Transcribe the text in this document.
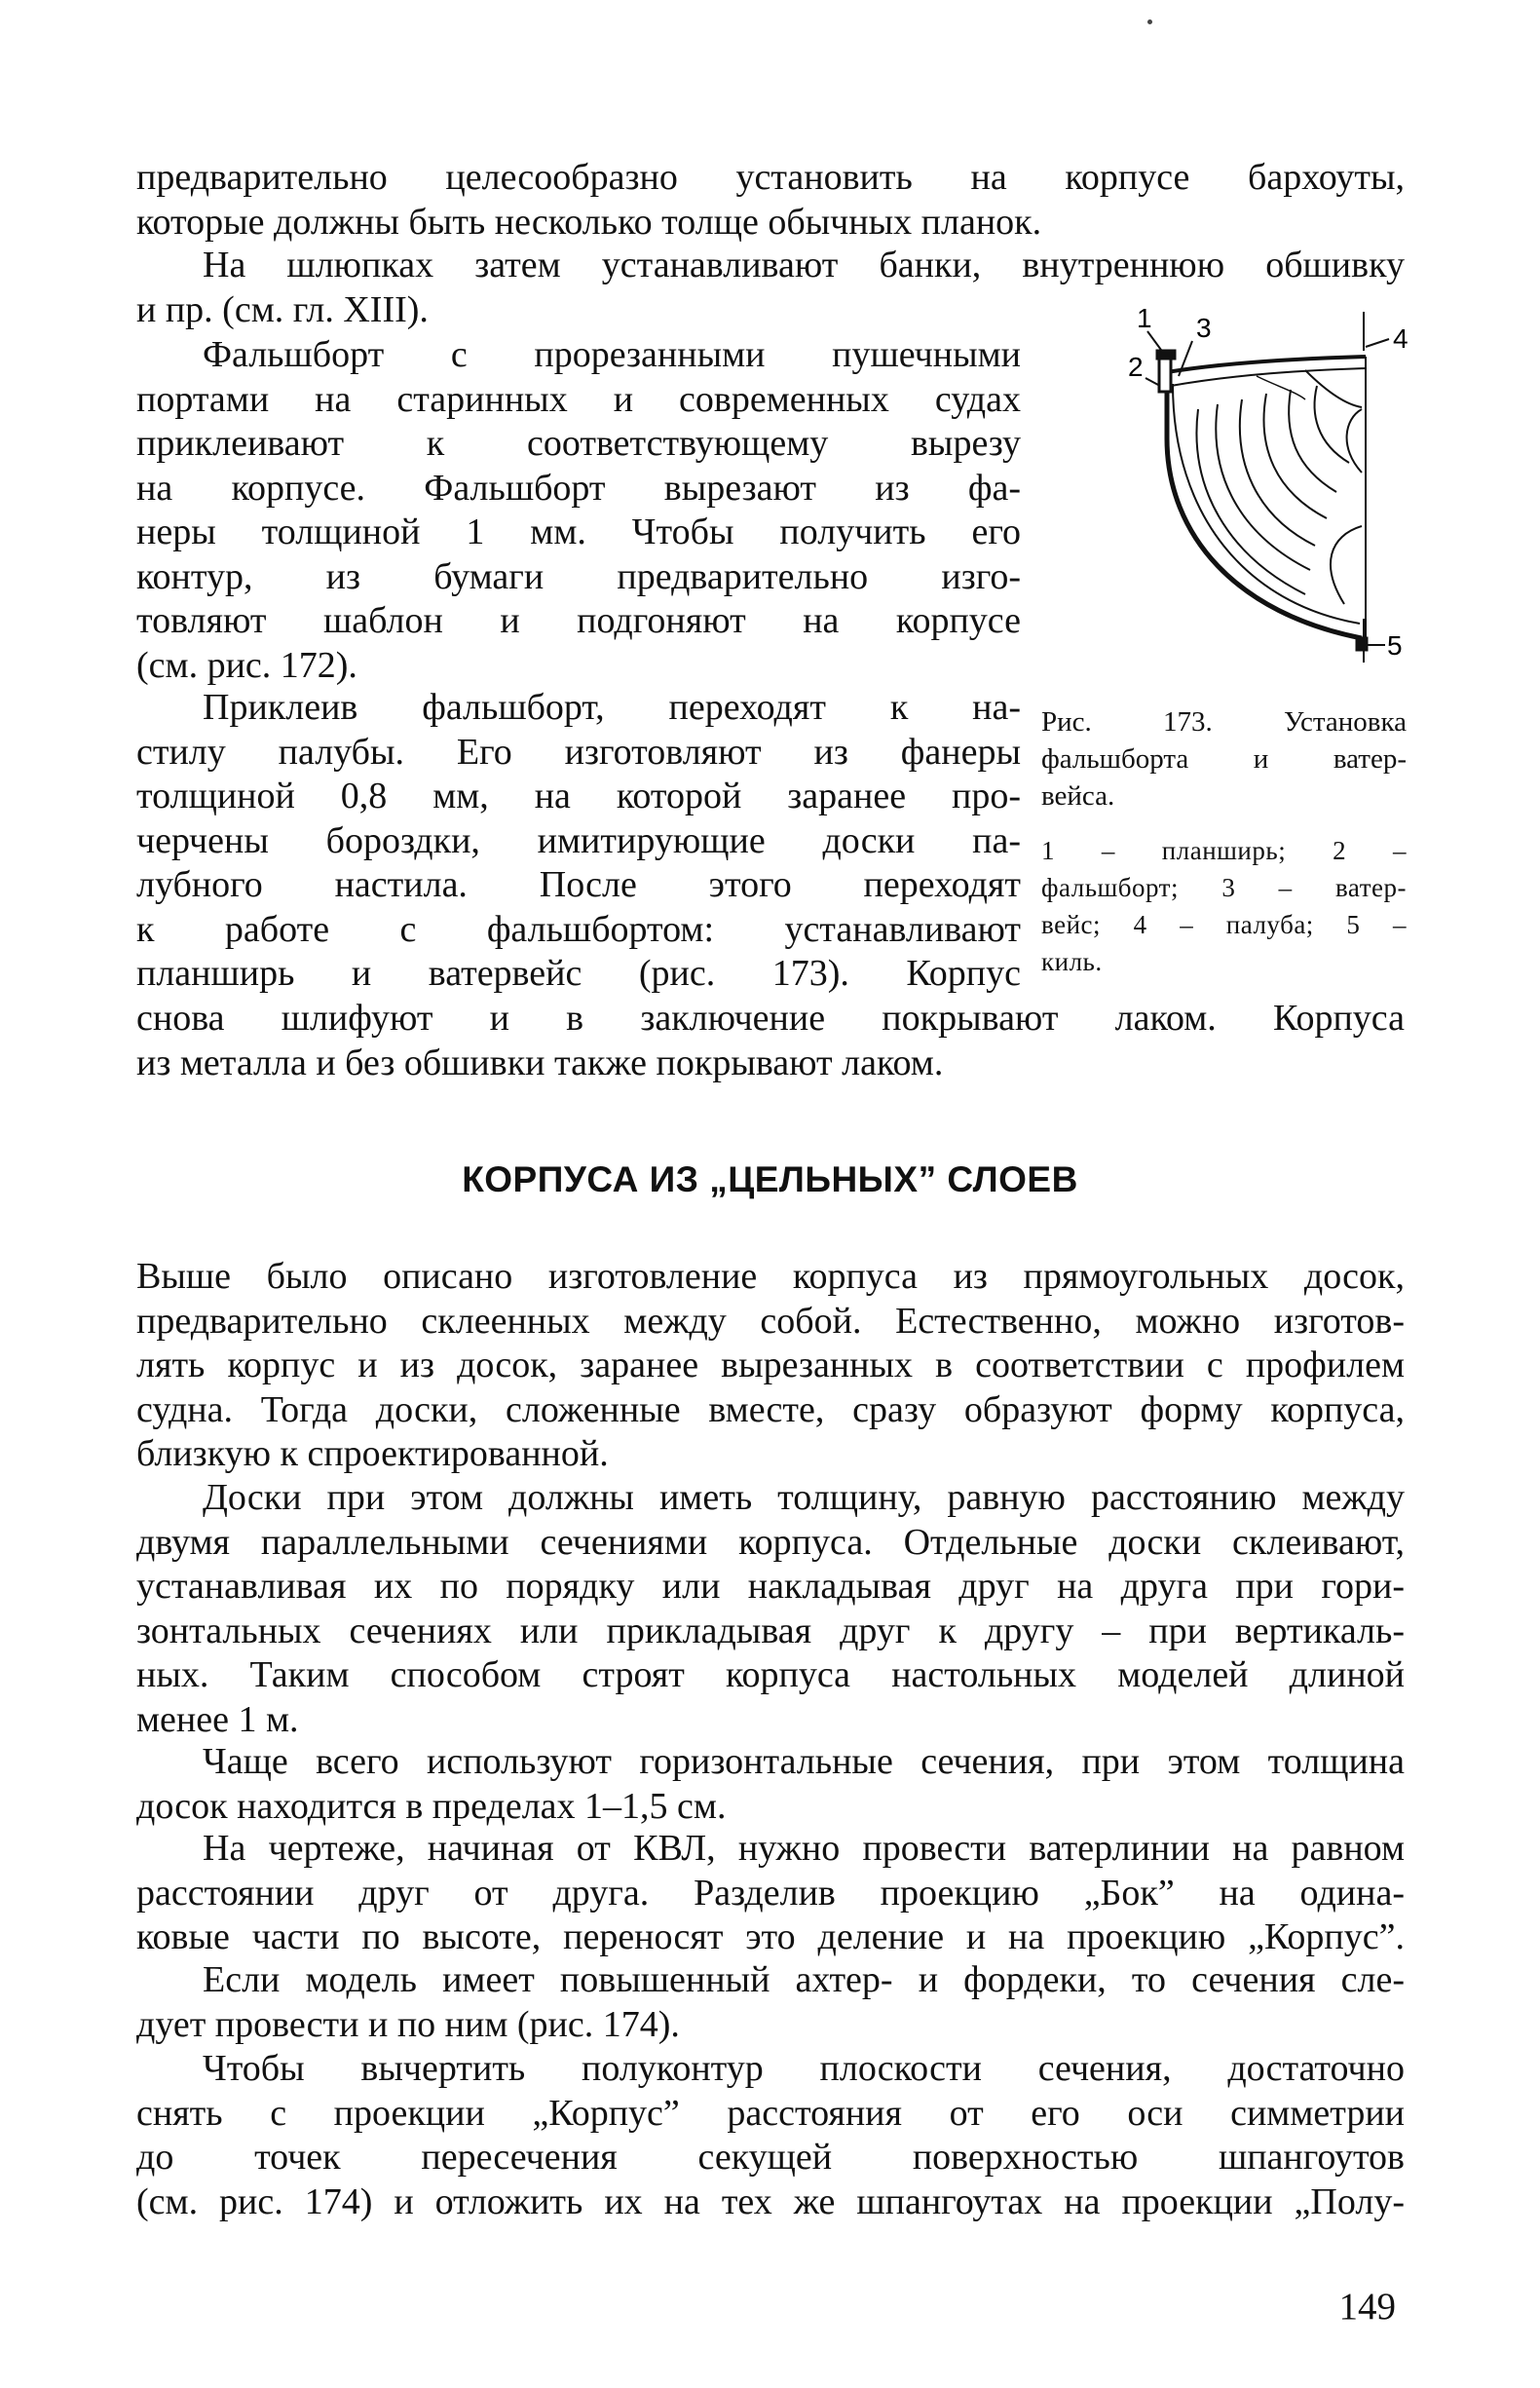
предварительно целесообразно установить на корпусе бархоуты,
которые должны быть несколько толще обычных планок.
На шлюпках затем устанавливают банки, внутреннюю обшивку
и пр. (см. гл. XIII).
Фальшборт с прорезанными пушечными
портами на старинных и современных судах
приклеивают к соответствующему вырезу
на корпусе. Фальшборт вырезают из фа-
неры толщиной 1 мм. Чтобы получить его
контур, из бумаги предварительно изго-
товляют шаблон и подгоняют на корпусе
(см. рис. 172).
Приклеив фальшборт, переходят к на-
стилу палубы. Его изготовляют из фанеры
толщиной 0,8 мм, на которой заранее про-
черчены бороздки, имитирующие доски па-
лубного настила. После этого переходят
к работе с фальшбортом: устанавливают
планширь и ватервейс (рис. 173). Корпус
снова шлифуют и в заключение покрывают лаком. Корпуса
из металла и без обшивки также покрывают лаком.
1 3
2
4
5
Рис. 173. Установка
фальшборта и ватер-
вейса.
1 – планширь; 2 –
фальшборт; 3 – ватер-
вейс; 4 – палуба; 5 –
киль.
КОРПУСА ИЗ „ЦЕЛЬНЫХ” СЛОЕВ
Выше было описано изготовление корпуса из прямоугольных досок,
предварительно склеенных между собой. Естественно, можно изготов-
лять корпус и из досок, заранее вырезанных в соответствии с профилем
судна. Тогда доски, сложенные вместе, сразу образуют форму корпуса,
близкую к спроектированной.
Доски при этом должны иметь толщину, равную расстоянию между
двумя параллельными сечениями корпуса. Отдельные доски склеивают,
устанавливая их по порядку или накладывая друг на друга при гори-
зонтальных сечениях или прикладывая друг к другу – при вертикаль-
ных. Таким способом строят корпуса настольных моделей длиной
менее 1 м.
Чаще всего используют горизонтальные сечения, при этом толщина
досок находится в пределах 1–1,5 см.
На чертеже, начиная от КВЛ, нужно провести ватерлинии на равном
расстоянии друг от друга. Разделив проекцию „Бок” на одина-
ковые части по высоте, переносят это деление и на проекцию „Корпус”.
Если модель имеет повышенный ахтер- и фордеки, то сечения сле-
дует провести и по ним (рис. 174).
Чтобы вычертить полуконтур плоскости сечения, достаточно
снять с проекции „Корпус” расстояния от его оси симметрии
до точек пересечения секущей поверхностью шпангоутов
(см. рис. 174) и отложить их на тех же шпангоутах на проекции „Полу-
149
